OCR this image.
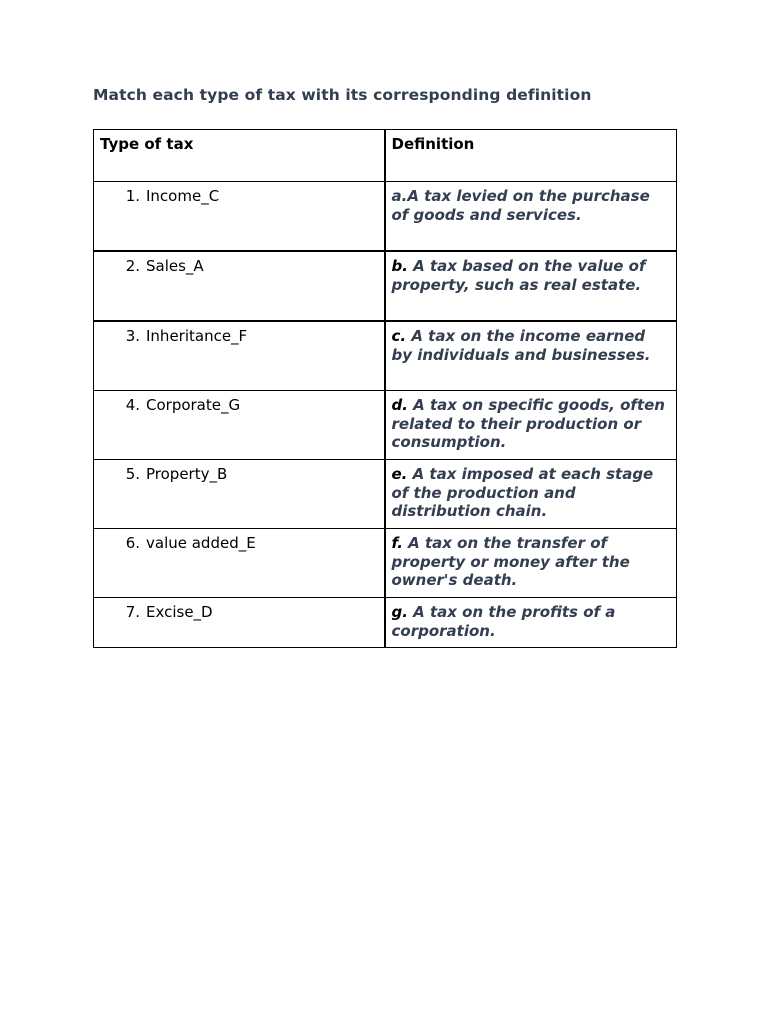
Match each type of tax with its corresponding definition
Type of tax	Definition
1. Income_C	a.A tax levied on the purchase of goods and services.
2. Sales_A	b. A tax based on the value of property, such as real estate.
3. Inheritance_F	c. A tax on the income earned by individuals and businesses.
4. Corporate_G	d. A tax on specific goods, often related to their production or consumption.
5. Property_B	e. A tax imposed at each stage of the production and distribution chain.
6. value added_E	f. A tax on the transfer of property or money after the owner's death.
7. Excise_D	g. A tax on the profits of a corporation.
